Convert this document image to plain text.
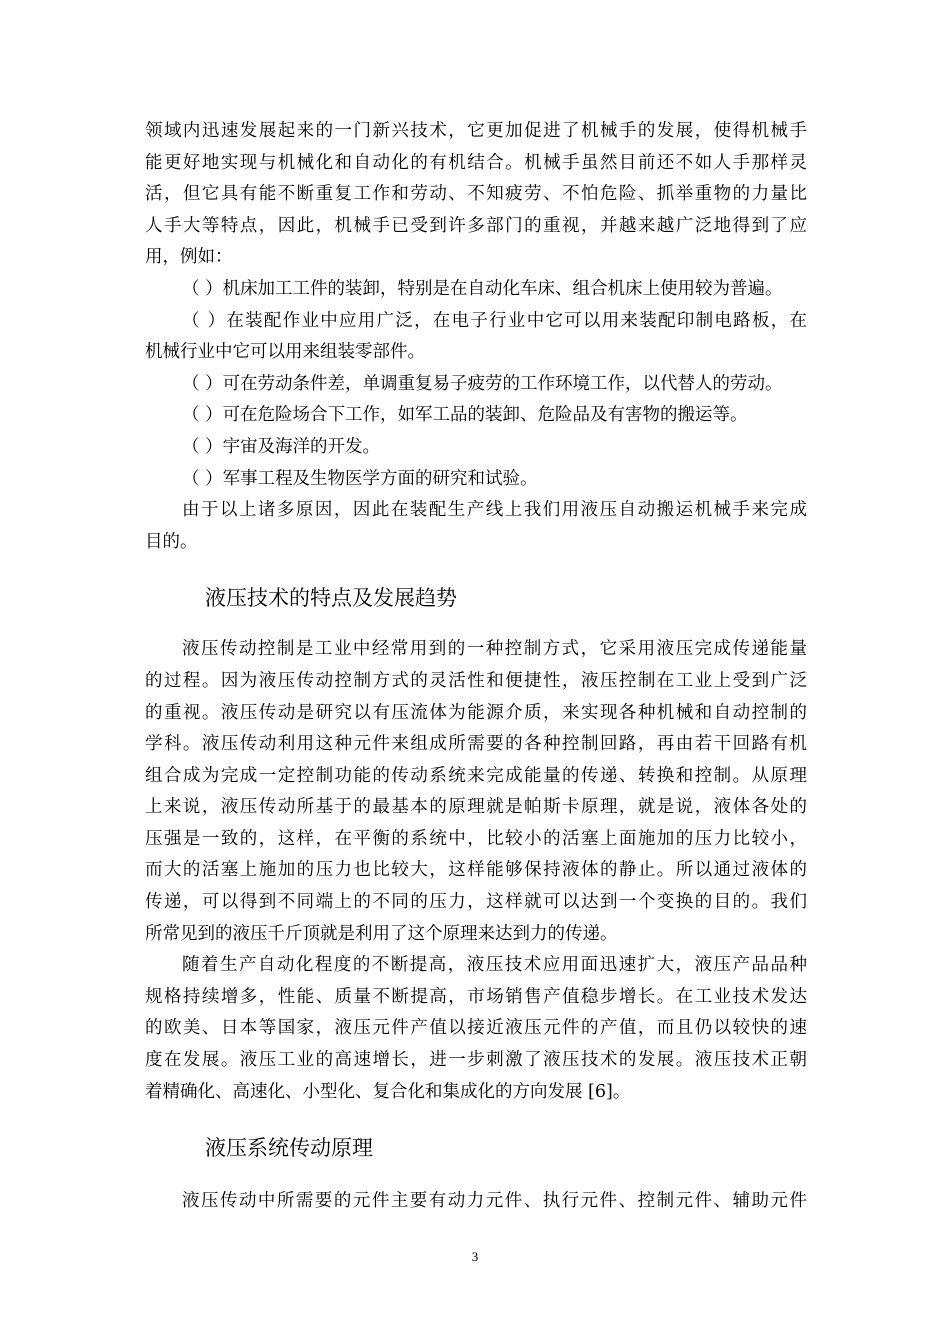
领域内迅速发展起来的一门新兴技术，它更加促进了机械手的发展，使得机械手
能更好地实现与机械化和自动化的有机结合。机械手虽然目前还不如人手那样灵
活，但它具有能不断重复工作和劳动、不知疲劳、不怕危险、抓举重物的力量比
人手大等特点，因此，机械手已受到许多部门的重视，并越来越广泛地得到了应
用，例如：
（ ）机床加工工件的装卸，特别是在自动化车床、组合机床上使用较为普遍。
（ ）在装配作业中应用广泛，在电子行业中它可以用来装配印制电路板，在
机械行业中它可以用来组装零部件。
（ ）可在劳动条件差，单调重复易子疲劳的工作环境工作，以代替人的劳动。
（ ）可在危险场合下工作，如军工品的装卸、危险品及有害物的搬运等。
（ ）宇宙及海洋的开发。
（ ）军事工程及生物医学方面的研究和试验。
由于以上诸多原因，因此在装配生产线上我们用液压自动搬运机械手来完成
目的。
液压技术的特点及发展趋势
液压传动控制是工业中经常用到的一种控制方式，它采用液压完成传递能量
的过程。因为液压传动控制方式的灵活性和便捷性，液压控制在工业上受到广泛
的重视。液压传动是研究以有压流体为能源介质，来实现各种机械和自动控制的
学科。液压传动利用这种元件来组成所需要的各种控制回路，再由若干回路有机
组合成为完成一定控制功能的传动系统来完成能量的传递、转换和控制。从原理
上来说，液压传动所基于的最基本的原理就是帕斯卡原理，就是说，液体各处的
压强是一致的，这样，在平衡的系统中，比较小的活塞上面施加的压力比较小，
而大的活塞上施加的压力也比较大，这样能够保持液体的静止。所以通过液体的
传递，可以得到不同端上的不同的压力，这样就可以达到一个变换的目的。我们
所常见到的液压千斤顶就是利用了这个原理来达到力的传递。
随着生产自动化程度的不断提高，液压技术应用面迅速扩大，液压产品品种
规格持续增多，性能、质量不断提高，市场销售产值稳步增长。在工业技术发达
的欧美、日本等国家，液压元件产值以接近液压元件的产值，而且仍以较快的速
度在发展。液压工业的高速增长，进一步刺激了液压技术的发展。液压技术正朝
着精确化、高速化、小型化、复合化和集成化的方向发展 [6]。
液压系统传动原理
液压传动中所需要的元件主要有动力元件、执行元件、控制元件、辅助元件
3
